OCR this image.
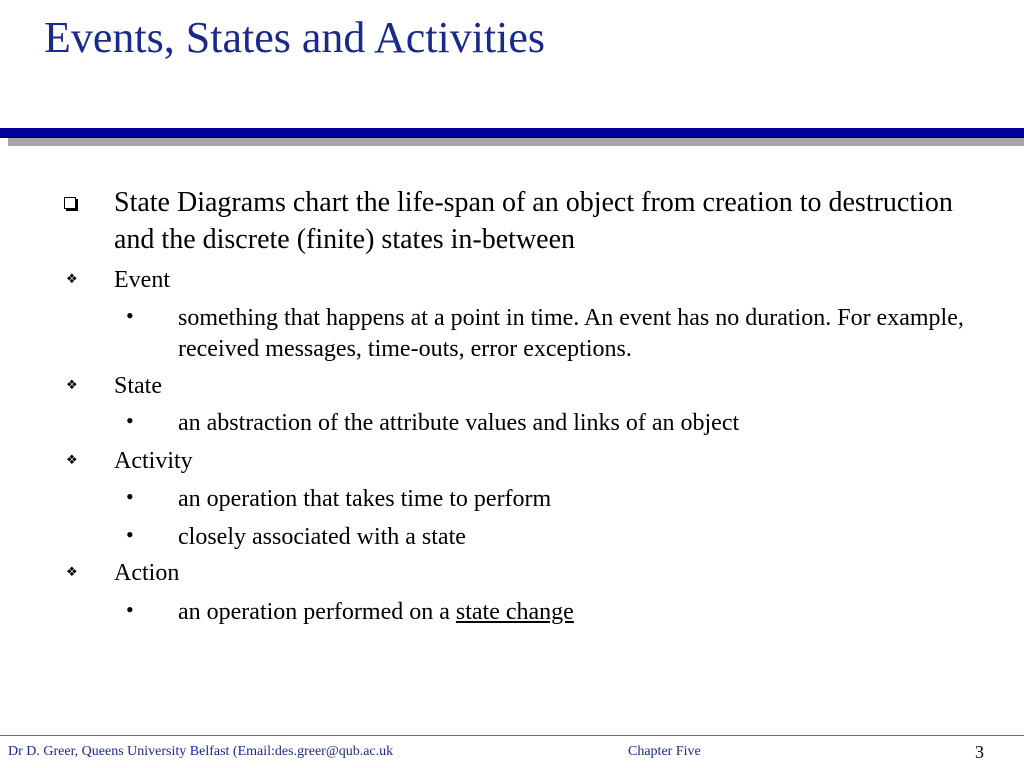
Events, States and Activities
State Diagrams chart the life-span of an object from creation to destruction and the discrete (finite) states in-between
❖ Event
• something that happens at a point in time. An event has no duration. For example, received messages, time-outs, error exceptions.
❖ State
• an abstraction of the attribute values and links of an object
❖ Activity
• an operation that takes time to perform
• closely associated with a state
❖ Action
• an operation performed on a state change
Dr D. Greer, Queens University Belfast (Email:des.greer@qub.ac.uk	Chapter Five	3
